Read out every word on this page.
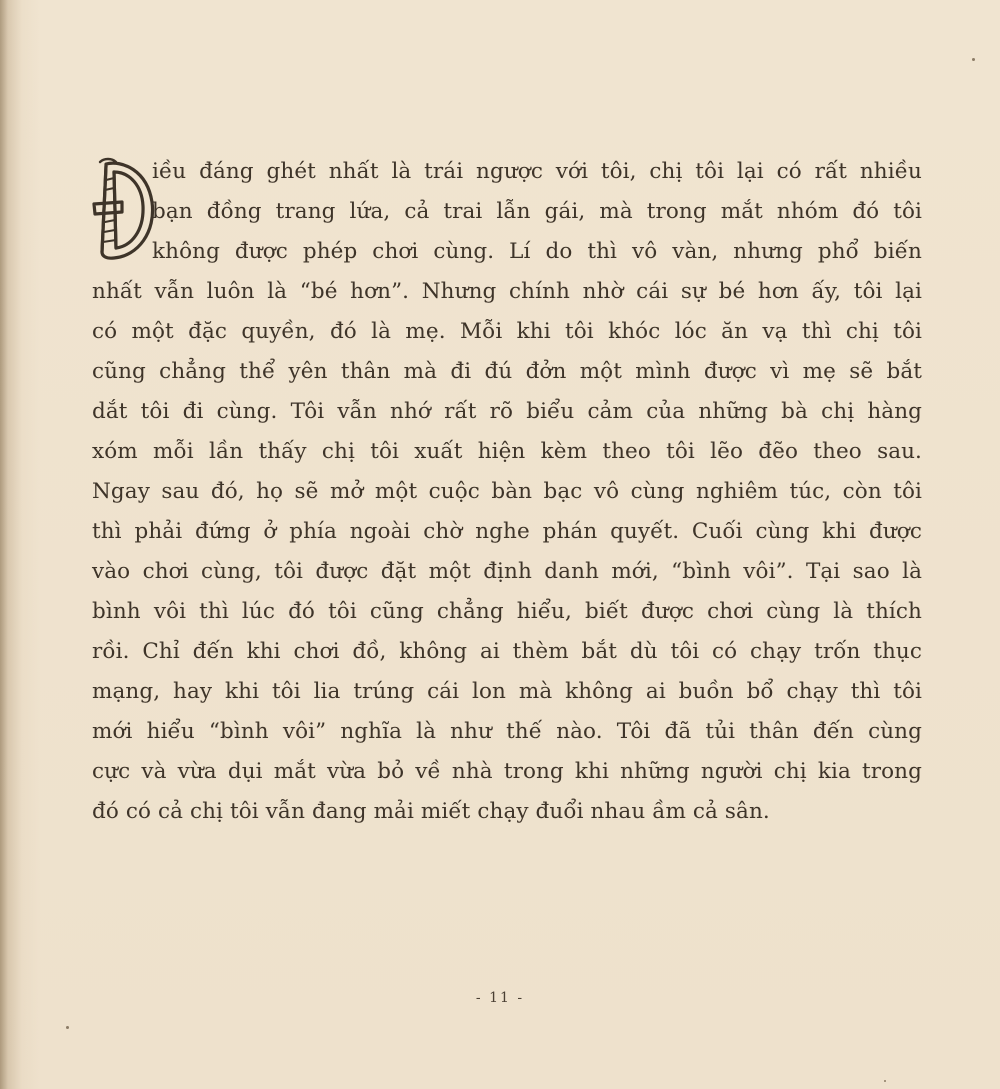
iều đáng ghét nhất là trái ngược với tôi, chị tôi lại có rất nhiều
bạn đồng trang lứa, cả trai lẫn gái, mà trong mắt nhóm đó tôi
không được phép chơi cùng. Lí do thì vô vàn, nhưng phổ biến
nhất vẫn luôn là “bé hơn”. Nhưng chính nhờ cái sự bé hơn ấy, tôi lại
có một đặc quyền, đó là mẹ. Mỗi khi tôi khóc lóc ăn vạ thì chị tôi
cũng chẳng thể yên thân mà đi đú đởn một mình được vì mẹ sẽ bắt
dắt tôi đi cùng. Tôi vẫn nhớ rất rõ biểu cảm của những bà chị hàng
xóm mỗi lần thấy chị tôi xuất hiện kèm theo tôi lẽo đẽo theo sau.
Ngay sau đó, họ sẽ mở một cuộc bàn bạc vô cùng nghiêm túc, còn tôi
thì phải đứng ở phía ngoài chờ nghe phán quyết. Cuối cùng khi được
vào chơi cùng, tôi được đặt một định danh mới, “bình vôi”. Tại sao là
bình vôi thì lúc đó tôi cũng chẳng hiểu, biết được chơi cùng là thích
rồi. Chỉ đến khi chơi đồ, không ai thèm bắt dù tôi có chạy trốn thục
mạng, hay khi tôi lia trúng cái lon mà không ai buồn bổ chạy thì tôi
mới hiểu “bình vôi” nghĩa là như thế nào. Tôi đã tủi thân đến cùng
cực và vừa dụi mắt vừa bỏ về nhà trong khi những người chị kia trong
đó có cả chị tôi vẫn đang mải miết chạy đuổi nhau ầm cả sân.
- 11 -
